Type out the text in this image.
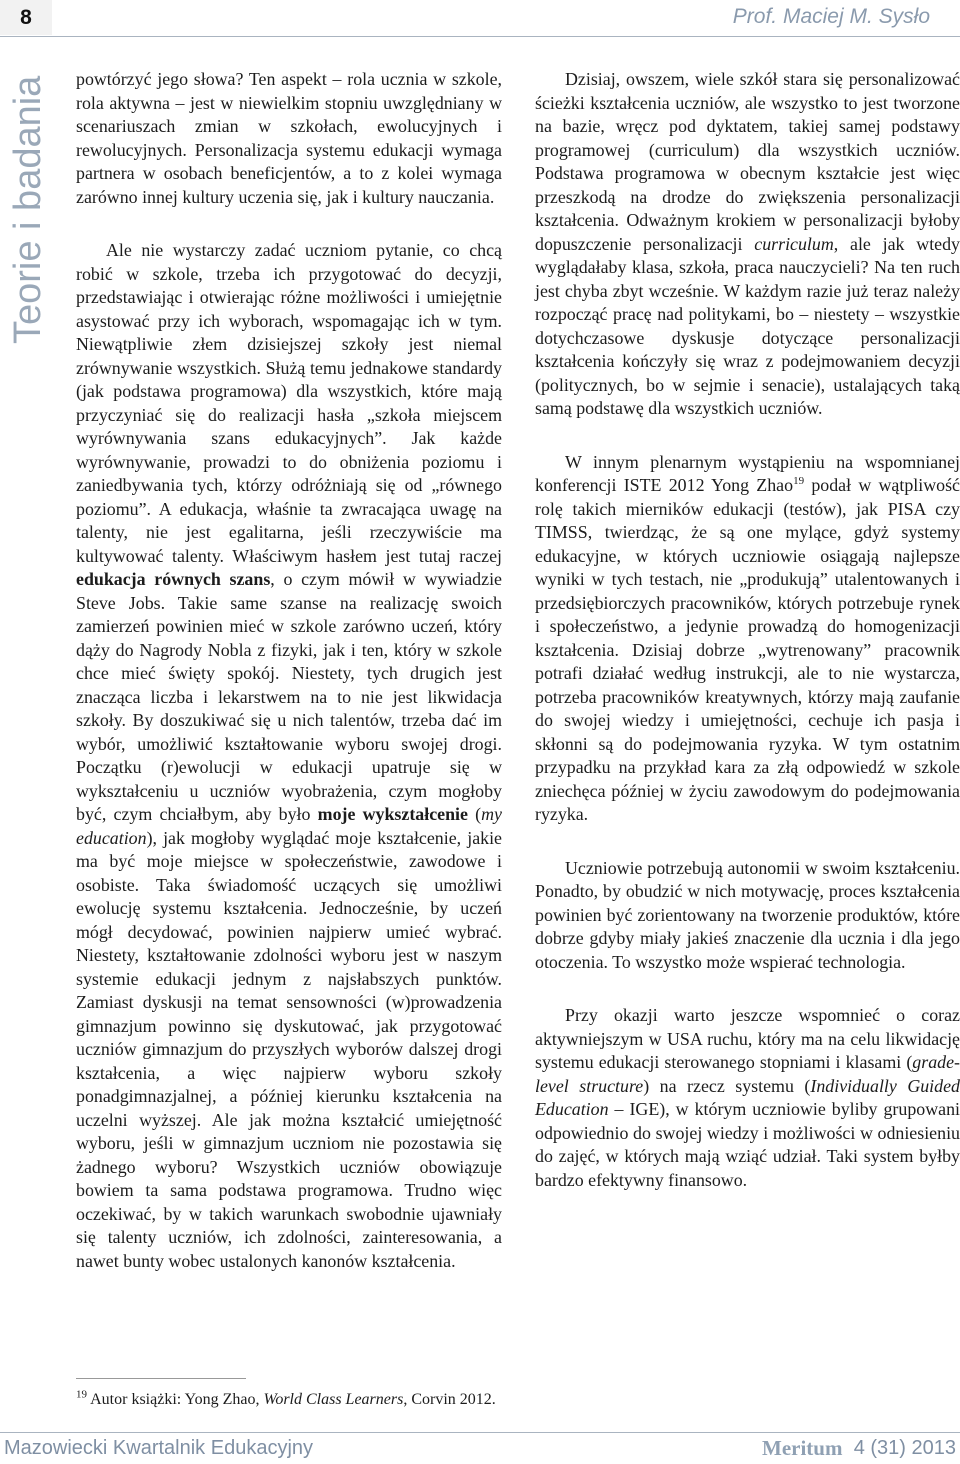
8	Prof. Maciej M. Sysło
Teorie i badania powtórzyć jego słowa? Ten aspekt – rola ucznia w szkole, rola aktywna – jest w niewielkim stopniu uwzględniany w scenariuszach zmian w szkołach, ewolucyjnych i rewolucyjnych. Personalizacja systemu edukacji wymaga partnera w osobach beneficjentów, a to z kolei wymaga zarówno innej kultury uczenia się, jak i kultury nauczania.

Ale nie wystarczy zadać uczniom pytanie, co chcą robić w szkole, trzeba ich przygotować do decyzji, przedstawiając i otwierając różne możliwości i umiejętnie asystować przy ich wyborach, wspomagając ich w tym. Niewątpliwie złem dzisiejszej szkoły jest niemal zrównywanie wszystkich. Służą temu jednakowe standardy (jak podstawa programowa) dla wszystkich, które mają przyczyniać się do realizacji hasła „szkoła miejscem wyrównywania szans edukacyjnych”. Jak każde wyrównywanie, prowadzi to do obniżenia poziomu i zaniedbywania tych, którzy odróżniają się od „równego poziomu”. A edukacja, właśnie ta zwracająca uwagę na talenty, nie jest egalitarna, jeśli rzeczywiście ma kultywować talenty. Właściwym hasłem jest tutaj raczej edukacja równych szans, o czym mówił w wywiadzie Steve Jobs. Takie same szanse na realizację swoich zamierzeń powinien mieć w szkole zarówno uczeń, który dąży do Nagrody Nobla z fizyki, jak i ten, który w szkole chce mieć święty spokój. Niestety, tych drugich jest znacząca liczba i lekarstwem na to nie jest likwidacja szkoły. By doszukiwać się u nich talentów, trzeba dać im wybór, umożliwić kształtowanie wyboru swojej drogi. Początku (r)ewolucji w edukacji upatruje się w wykształceniu u uczniów wyobrażenia, czym mogłoby być, czym chciałbym, aby było moje wykształcenie (my education), jak mogłoby wyglądać moje kształcenie, jakie ma być moje miejsce w społeczeństwie, zawodowe i osobiste. Taka świadomość uczących się umożliwi ewolucję systemu kształcenia. Jednocześnie, by uczeń mógł decydować, powinien najpierw umieć wybrać. Niestety, kształtowanie zdolności wyboru jest w naszym systemie edukacji jednym z najsłabszych punktów. Zamiast dyskusji na temat sensowności (w)prowadzenia gimnazjum powinno się dyskutować, jak przygotować uczniów gimnazjum do przyszłych wyborów dalszej drogi kształcenia, a więc najpierw wyboru szkoły ponadgimnazjalnej, a później kierunku kształcenia na uczelni wyższej. Ale jak można kształcić umiejętność wyboru, jeśli w gimnazjum uczniom nie pozostawia się żadnego wyboru? Wszystkich uczniów obowiązuje bowiem ta sama podstawa programowa. Trudno więc oczekiwać, by w takich warunkach swobodnie ujawniały się talenty uczniów, ich zdolności, zainteresowania, a nawet bunty wobec ustalonych kanonów kształcenia.

Dzisiaj, owszem, wiele szkół stara się personalizować ścieżki kształcenia uczniów, ale wszystko to jest tworzone na bazie, wręcz pod dyktatem, takiej samej podstawy programowej (curriculum) dla wszystkich uczniów. Podstawa programowa w obecnym kształcie jest więc przeszkodą na drodze do zwiększenia personalizacji kształcenia. Odważnym krokiem w personalizacji byłoby dopuszczenie personalizacji curriculum, ale jak wtedy wyglądałaby klasa, szkoła, praca nauczycieli? Na ten ruch jest chyba zbyt wcześnie. W każdym razie już teraz należy rozpocząć pracę nad politykami, bo – niestety – wszystkie dotychczasowe dyskusje dotyczące personalizacji kształcenia kończyły się wraz z podejmowaniem decyzji (politycznych, bo w sejmie i senacie), ustalających taką samą podstawę dla wszystkich uczniów.

W innym plenarnym wystąpieniu na wspomnianej konferencji ISTE 2012 Yong Zhao$^{19}$ podał w wątpliwość rolę takich mierników edukacji (testów), jak PISA czy TIMSS, twierdząc, że są one mylące, gdyż systemy edukacyjne, w których uczniowie osiągają najlepsze wyniki w tych testach, nie „produkują” utalentowanych i przedsiębiorczych pracowników, których potrzebuje rynek i społeczeństwo, a jedynie prowadzą do homogenizacji kształcenia. Dzisiaj dobrze „wytrenowany” pracownik potrafi działać według instrukcji, ale to nie wystarcza, potrzeba pracowników kreatywnych, którzy mają zaufanie do swojej wiedzy i umiejętności, cechuje ich pasja i skłonni są do podejmowania ryzyka. W tym ostatnim przypadku na przykład kara za złą odpowiedź w szkole zniechęca później w życiu zawodowym do podejmowania ryzyka.

Uczniowie potrzebują autonomii w swoim kształceniu. Ponadto, by obudzić w nich motywację, proces kształcenia powinien być zorientowany na tworzenie produktów, które dobrze gdyby miały jakieś znaczenie dla ucznia i dla jego otoczenia. To wszystko może wspierać technologia.

Przy okazji warto jeszcze wspomnieć o coraz aktywniejszym w USA ruchu, który ma na celu likwidację systemu edukacji sterowanego stopniami i klasami (grade-level structure) na rzecz systemu (Individually Guided Education – IGE), w którym uczniowie byliby grupowani odpowiednio do swojej wiedzy i możliwości w odniesieniu do zajęć, w których mają wziąć udział. Taki system byłby bardzo efektywny finansowo.

$^{19}$ Autor książki: Yong Zhao, World Class Learners, Corvin 2012.
Mazowiecki Kwartalnik Edukacyjny	Meritum 4 (31) 2013
